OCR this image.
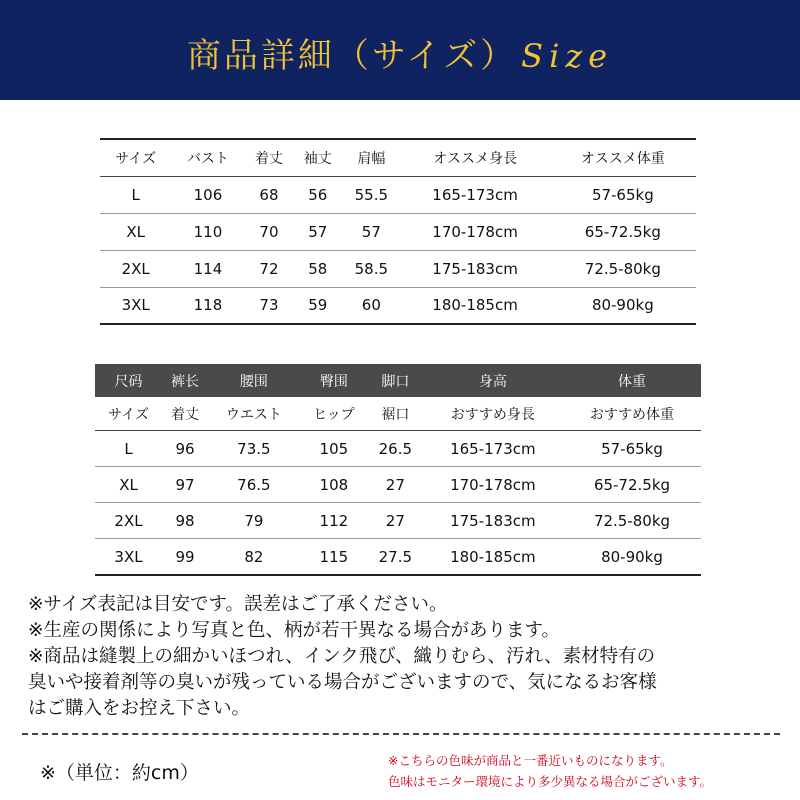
商品詳細（サイズ） Size
サイズ	バスト	着丈	袖丈	肩幅	オススメ身長	オススメ体重
L	106	68	56	55.5	165-173cm	57-65kg
XL	110	70	57	57	170-178cm	65-72.5kg
2XL	114	72	58	58.5	175-183cm	72.5-80kg
3XL	118	73	59	60	180-185cm	80-90kg
尺码	裤长	腰围	臀围	脚口	身高	体重
サイズ	着丈	ウエスト	ヒップ	裾口	おすすめ身長	おすすめ体重
L	96	73.5	105	26.5	165-173cm	57-65kg
XL	97	76.5	108	27	170-178cm	65-72.5kg
2XL	98	79	112	27	175-183cm	72.5-80kg
3XL	99	82	115	27.5	180-185cm	80-90kg
※サイズ表記は目安です。誤差はご了承ください。
※生産の関係により写真と色、柄が若干異なる場合があります。
※商品は縫製上の細かいほつれ、インク飛び、織りむら、汚れ、素材特有の
臭いや接着剤等の臭いが残っている場合がございますので、気になるお客様
はご購入をお控え下さい。
※（単位：約cm）
※こちらの色味が商品と一番近いものになります。
色味はモニター環境により多少異なる場合がございます。
